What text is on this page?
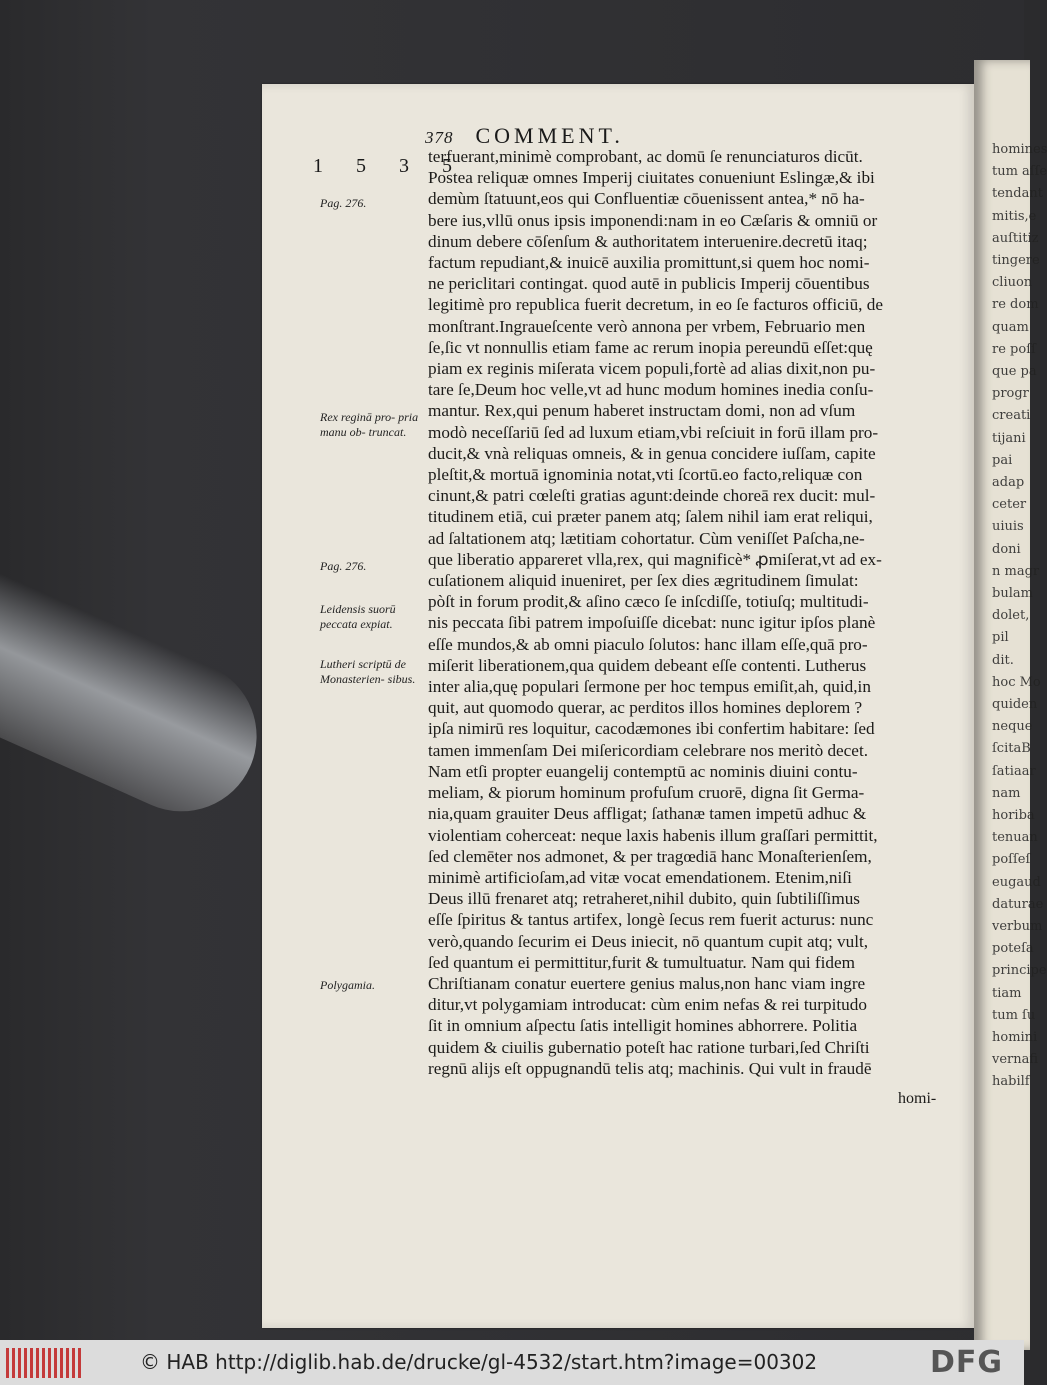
homines
tum aſſe
tendant
mitis,e
auſtitiz
tingere
cliuon
re dom
quam
re poſſ
que pa
progr
creati
tijani
pai
adap
ceter
uiuis
doni
n magr
bulam
dolet,
pil
dit.
hoc Mo
quiden
neque
ſcitaB
ſatiaar
nam
horiba
tenuan
poſſeſ
eugaud
daturae
verbum
poteſa
principe
tiam
tum ſu
homini
vernafi
habilf
378 COMMENT.
1 5 3 5
terfuerant,minimè comprobant, ac domū ſe renunciaturos dicūt.
Postea reliquæ omnes Imperij ciuitates conueniunt Eslingæ,& ibi
demùm ſtatuunt,eos qui Confluentiæ cōuenissent antea,* nō ha-
bere ius,vllū onus ipsis imponendi:nam in eo Cæſaris & omniū or
dinum debere cōſenſum & authoritatem interuenire.decretū itaq;
factum repudiant,& inuicē auxilia promittunt,si quem hoc nomi-
ne periclitari contingat. quod autē in publicis Imperij cōuentibus
legitimè pro republica fuerit decretum, in eo ſe facturos officiū, de
monſtrant.Ingraueſcente verò annona per vrbem, Februario men
ſe,ſic vt nonnullis etiam fame ac rerum inopia pereundū eſſet:quę
piam ex reginis miſerata vicem populi,fortè ad alias dixit,non pu-
tare ſe,Deum hoc velle,vt ad hunc modum homines inedia conſu-
mantur. Rex,qui penum haberet instructam domi, non ad vſum
modò neceſſariū ſed ad luxum etiam,vbi reſciuit in forū illam pro-
ducit,& vnà reliquas omneis, & in genua concidere iuſſam, capite
pleſtit,& mortuā ignominia notat,vti ſcortū.eo facto,reliquæ con
cinunt,& patri cœleſti gratias agunt:deinde choreā rex ducit: mul-
titudinem etiā, cui præter panem atq; ſalem nihil iam erat reliqui,
ad ſaltationem atq; lætitiam cohortatur. Cùm veniſſet Paſcha,ne-
que liberatio appareret vlla,rex, qui magnificè* ꝓmiſerat,vt ad ex-
cuſationem aliquid inueniret, per ſex dies ægritudinem ſimulat:
pòſt in forum prodit,& aſino cæco ſe inſcdiſſe, totiuſq; multitudi-
nis peccata ſibi patrem impoſuiſſe dicebat: nunc igitur ipſos planè
eſſe mundos,& ab omni piaculo ſolutos: hanc illam eſſe,quā pro-
miſerit liberationem,qua quidem debeant eſſe contenti. Lutherus
inter alia,quę populari ſermone per hoc tempus emiſit,ah, quid,in
quit, aut quomodo querar, ac perditos illos homines deplorem ?
ipſa nimirū res loquitur, cacodæmones ibi confertim habitare: ſed
tamen immenſam Dei miſericordiam celebrare nos meritò decet.
Nam etſi propter euangelij contemptū ac nominis diuini contu-
meliam, & piorum hominum profuſum cruorē, digna ſit Germa-
nia,quam grauiter Deus affligat; ſathanæ tamen impetū adhuc &
violentiam coherceat: neque laxis habenis illum graſſari permittit,
ſed clemēter nos admonet, & per tragœdiā hanc Monaſterienſem,
minimè artificioſam,ad vitæ vocat emendationem. Etenim,niſi
Deus illū frenaret atq; retraheret,nihil dubito, quin ſubtiliſſimus
eſſe ſpiritus & tantus artifex, longè ſecus rem fuerit acturus: nunc
verò,quando ſecurim ei Deus iniecit, nō quantum cupit atq; vult,
ſed quantum ei permittitur,furit & tumultuatur. Nam qui fidem
Chriſtianam conatur euertere genius malus,non hanc viam ingre
ditur,vt polygamiam introducat: cùm enim nefas & rei turpitudo
ſit in omnium aſpectu ſatis intelligit homines abhorrere. Politia
quidem & ciuilis gubernatio poteſt hac ratione turbari,ſed Chriſti
regnū alijs eſt oppugnandū telis atq; machinis. Qui vult in fraudē
homi-
Pag. 276.
Rex reginā pro- pria manu ob- truncat.
Pag. 276.
Leidensis suorū peccata expiat.
Lutheri scriptū de Monasterien- sibus.
Polygamia.
© HAB http://diglib.hab.de/drucke/gl-4532/start.htm?image=00302	DFG
